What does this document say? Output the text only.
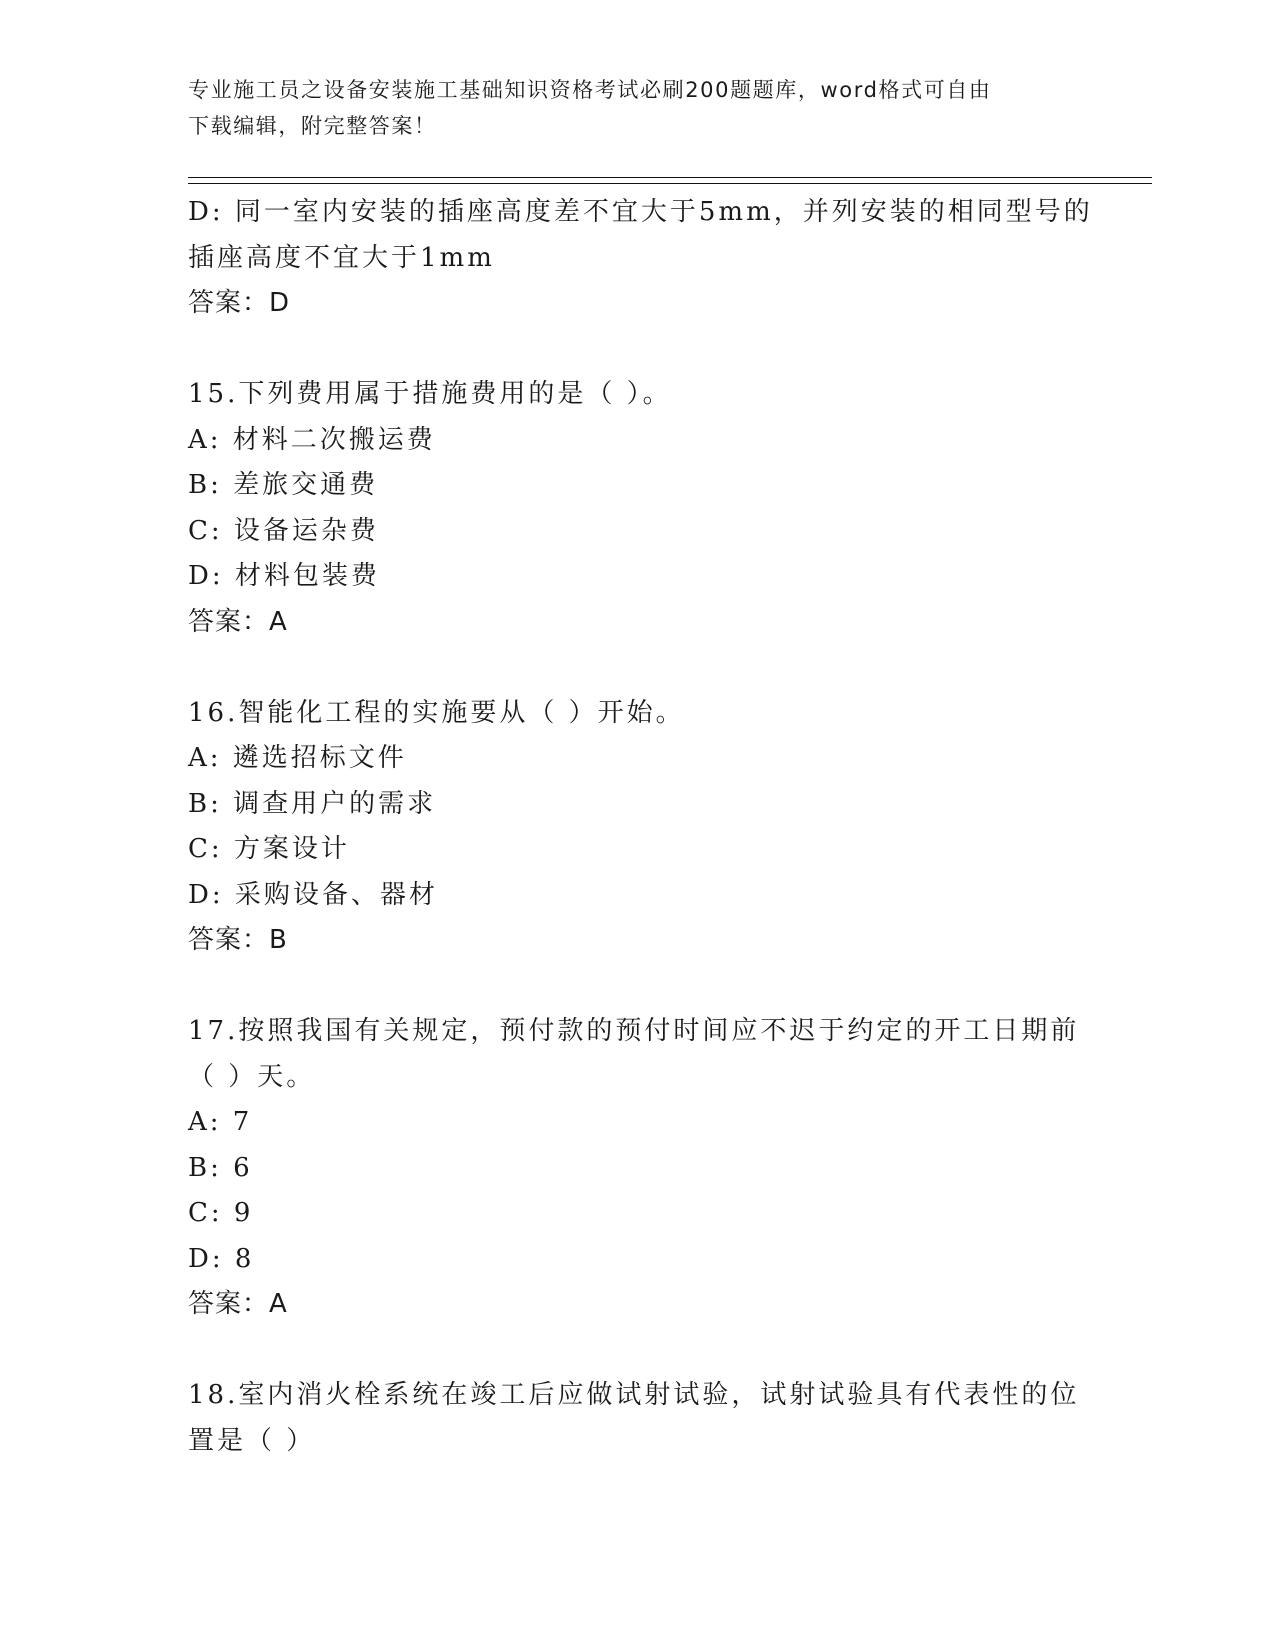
专业施工员之设备安装施工基础知识资格考试必刷200题题库，word格式可自由
下载编辑，附完整答案！
D: 同一室内安装的插座高度差不宜大于5mm，并列安装的相同型号的
插座高度不宜大于1mm
答案：D
15.下列费用属于措施费用的是（ ）。
A: 材料二次搬运费
B: 差旅交通费
C: 设备运杂费
D: 材料包装费
答案：A
16.智能化工程的实施要从（ ）开始。
A: 遴选招标文件
B: 调查用户的需求
C: 方案设计
D: 采购设备、器材
答案：B
17.按照我国有关规定，预付款的预付时间应不迟于约定的开工日期前
（ ）天。
A: 7
B: 6
C: 9
D: 8
答案：A
18.室内消火栓系统在竣工后应做试射试验，试射试验具有代表性的位
置是（ ）
